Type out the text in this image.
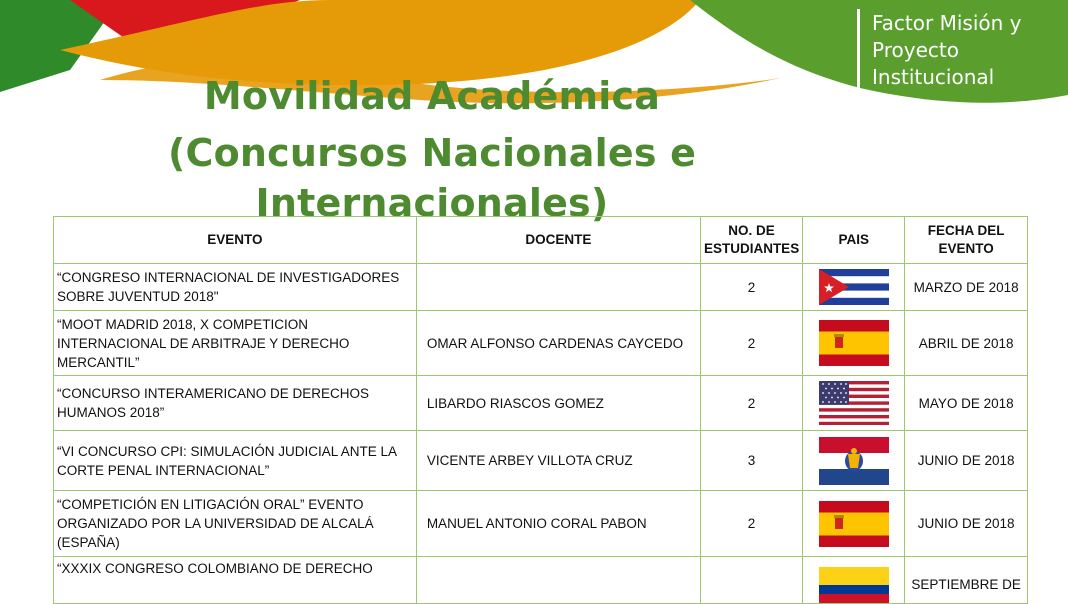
Movilidad Académica
(Concursos Nacionales e Internacionales)
Factor Misión y
Proyecto
Institucional
EVENTO	DOCENTE	NO. DE ESTUDIANTES	PAIS	FECHA DEL EVENTO
“CONGRESO INTERNACIONAL DE INVESTIGADORES SOBRE JUVENTUD 2018"		2		MARZO DE 2018
“MOOT MADRID 2018, X COMPETICION INTERNACIONAL DE ARBITRAJE Y DERECHO MERCANTIL”	OMAR ALFONSO CARDENAS CAYCEDO	2		ABRIL DE 2018
“CONCURSO INTERAMERICANO DE DERECHOS HUMANOS 2018”	LIBARDO RIASCOS GOMEZ	2		MAYO DE 2018
“VI CONCURSO CPI: SIMULACIÓN JUDICIAL ANTE LA CORTE PENAL INTERNACIONAL”	VICENTE ARBEY VILLOTA CRUZ	3		JUNIO DE 2018
“COMPETICIÓN EN LITIGACIÓN ORAL” EVENTO ORGANIZADO POR LA UNIVERSIDAD DE ALCALÁ (ESPAÑA)	MANUEL ANTONIO CORAL PABON	2		JUNIO DE 2018
“XXXIX CONGRESO COLOMBIANO DE DERECHO				SEPTIEMBRE DE
